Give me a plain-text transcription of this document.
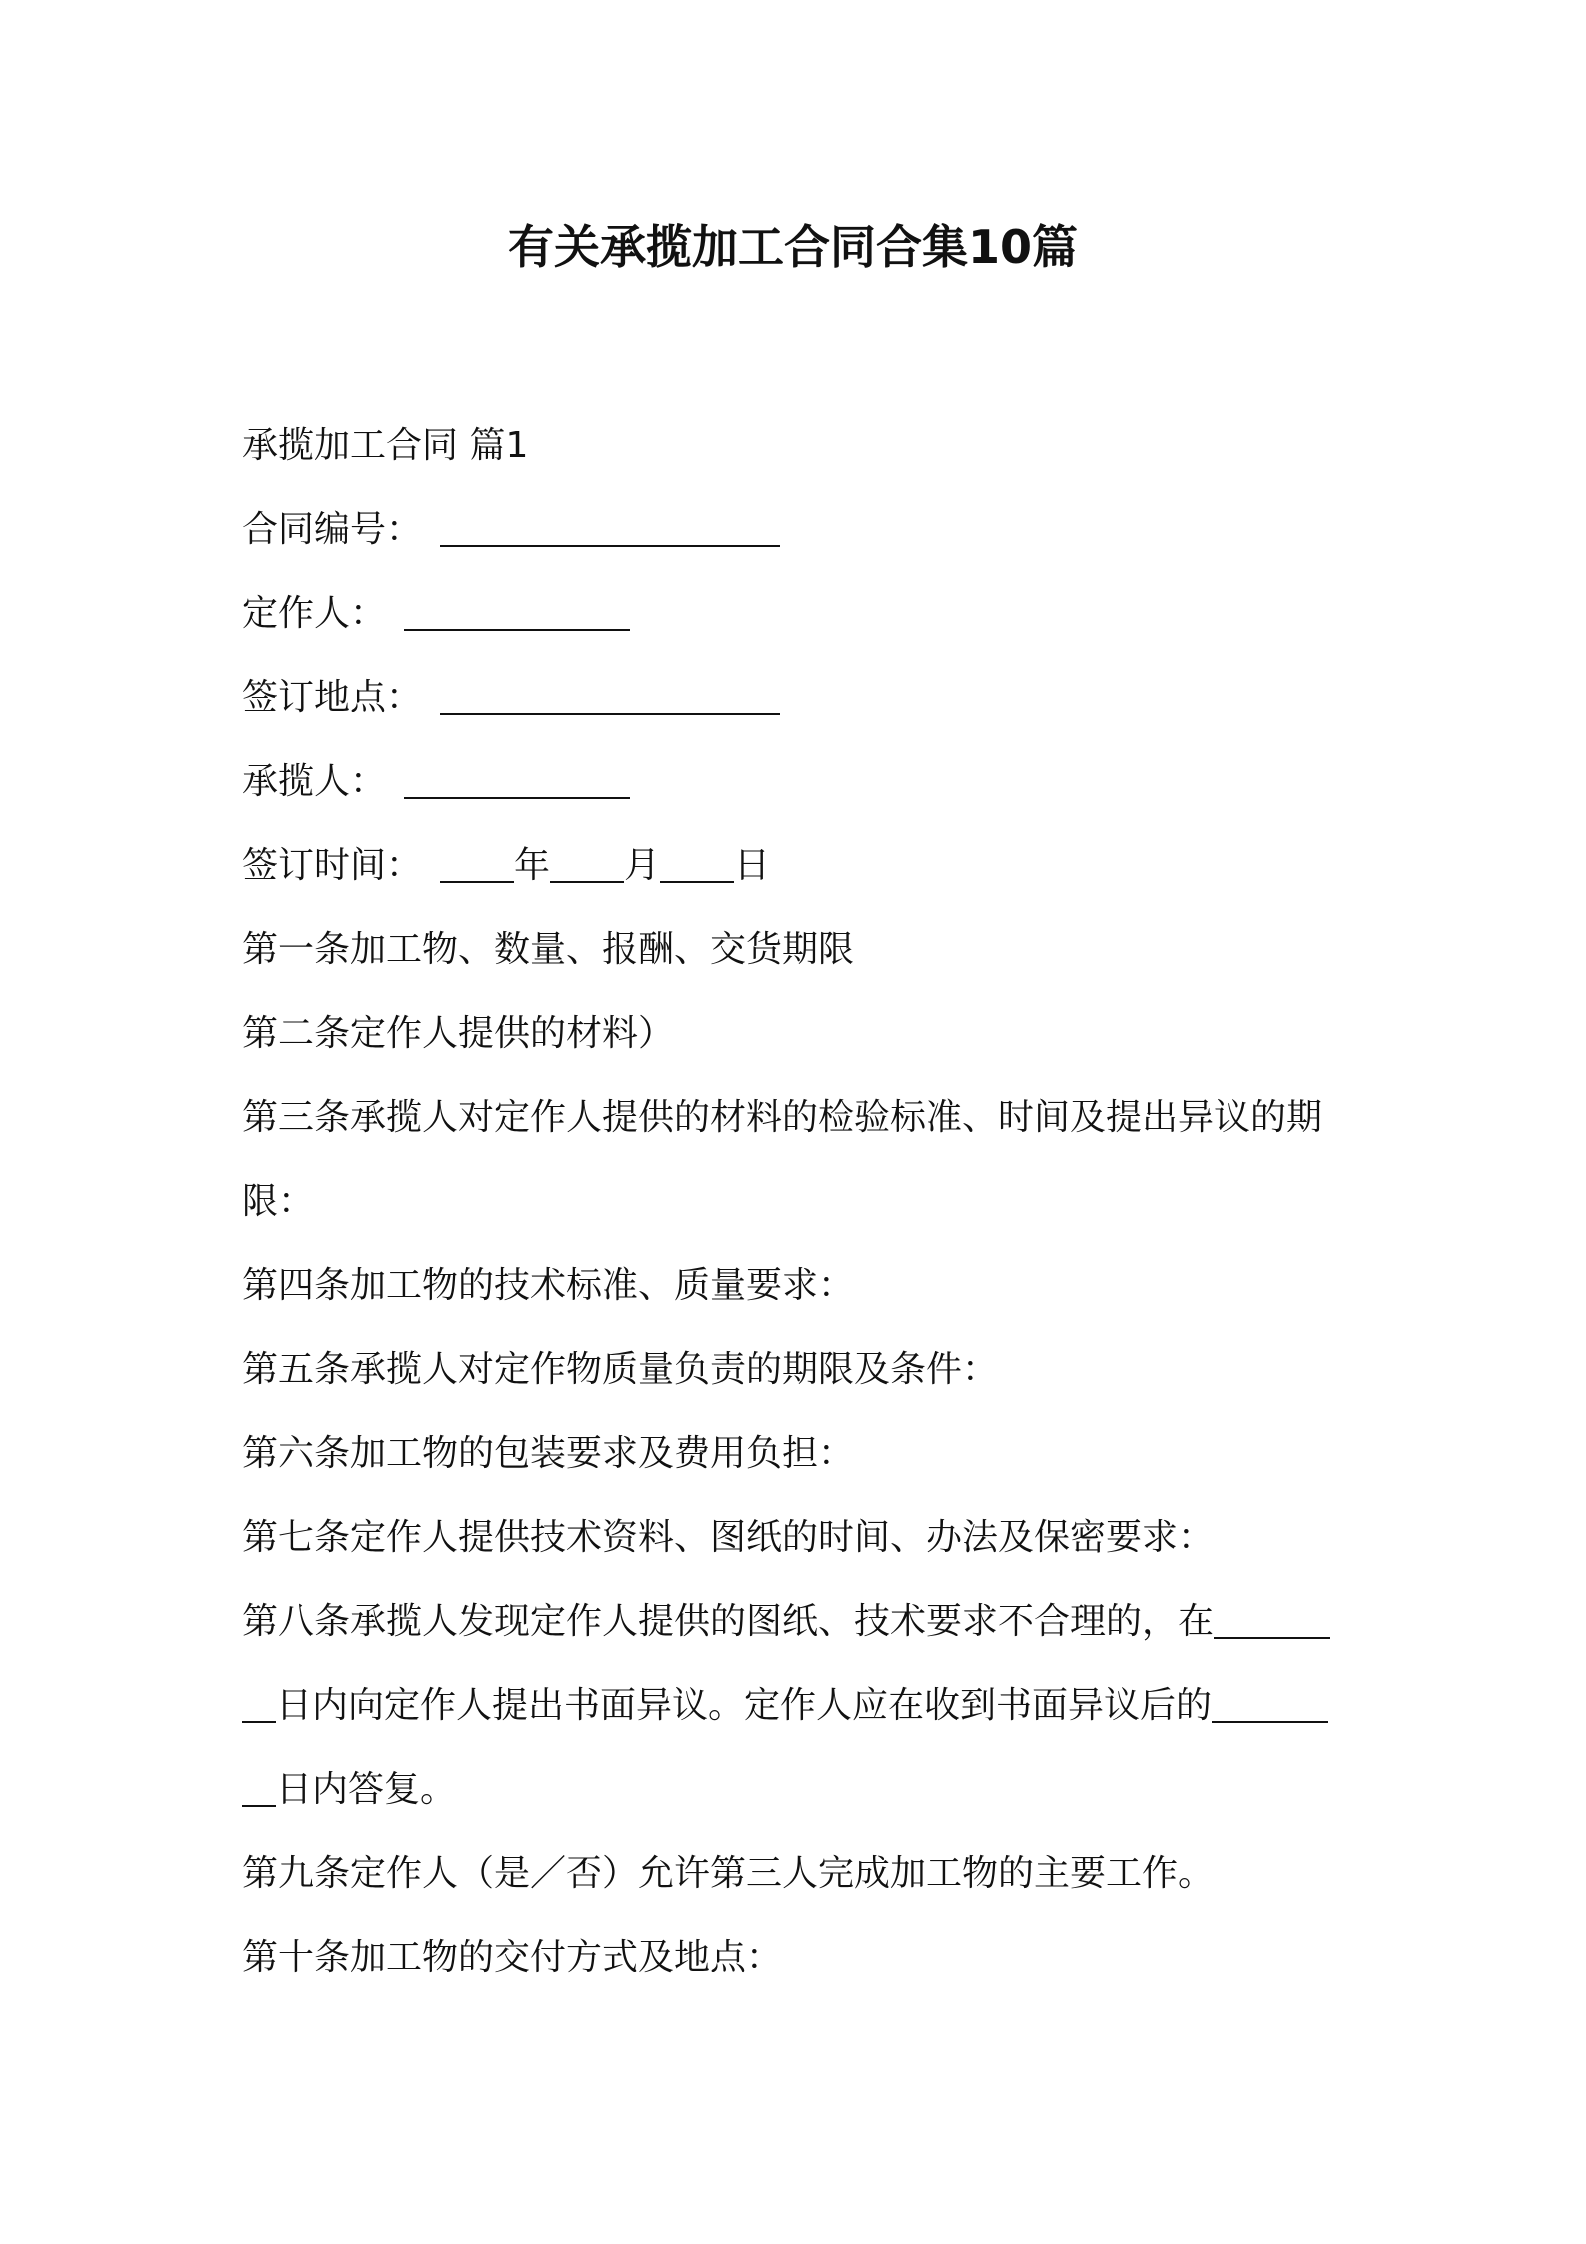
有关承揽加工合同合集10篇
承揽加工合同 篇1
合同编号：
定作人：
签订地点：
承揽人：
签订时间：	年 月 日
第一条加工物、数量、报酬、交货期限
第二条定作人提供的材料）
第三条承揽人对定作人提供的材料的检验标准、时间及提出异议的期
限：
第四条加工物的技术标准、质量要求：
第五条承揽人对定作物质量负责的期限及条件：
第六条加工物的包装要求及费用负担：
第七条定作人提供技术资料、图纸的时间、办法及保密要求：
第八条承揽人发现定作人提供的图纸、技术要求不合理的，在
日内向定作人提出书面异议。定作人应在收到书面异议后的
日内答复。
第九条定作人（是／否）允许第三人完成加工物的主要工作。
第十条加工物的交付方式及地点：
